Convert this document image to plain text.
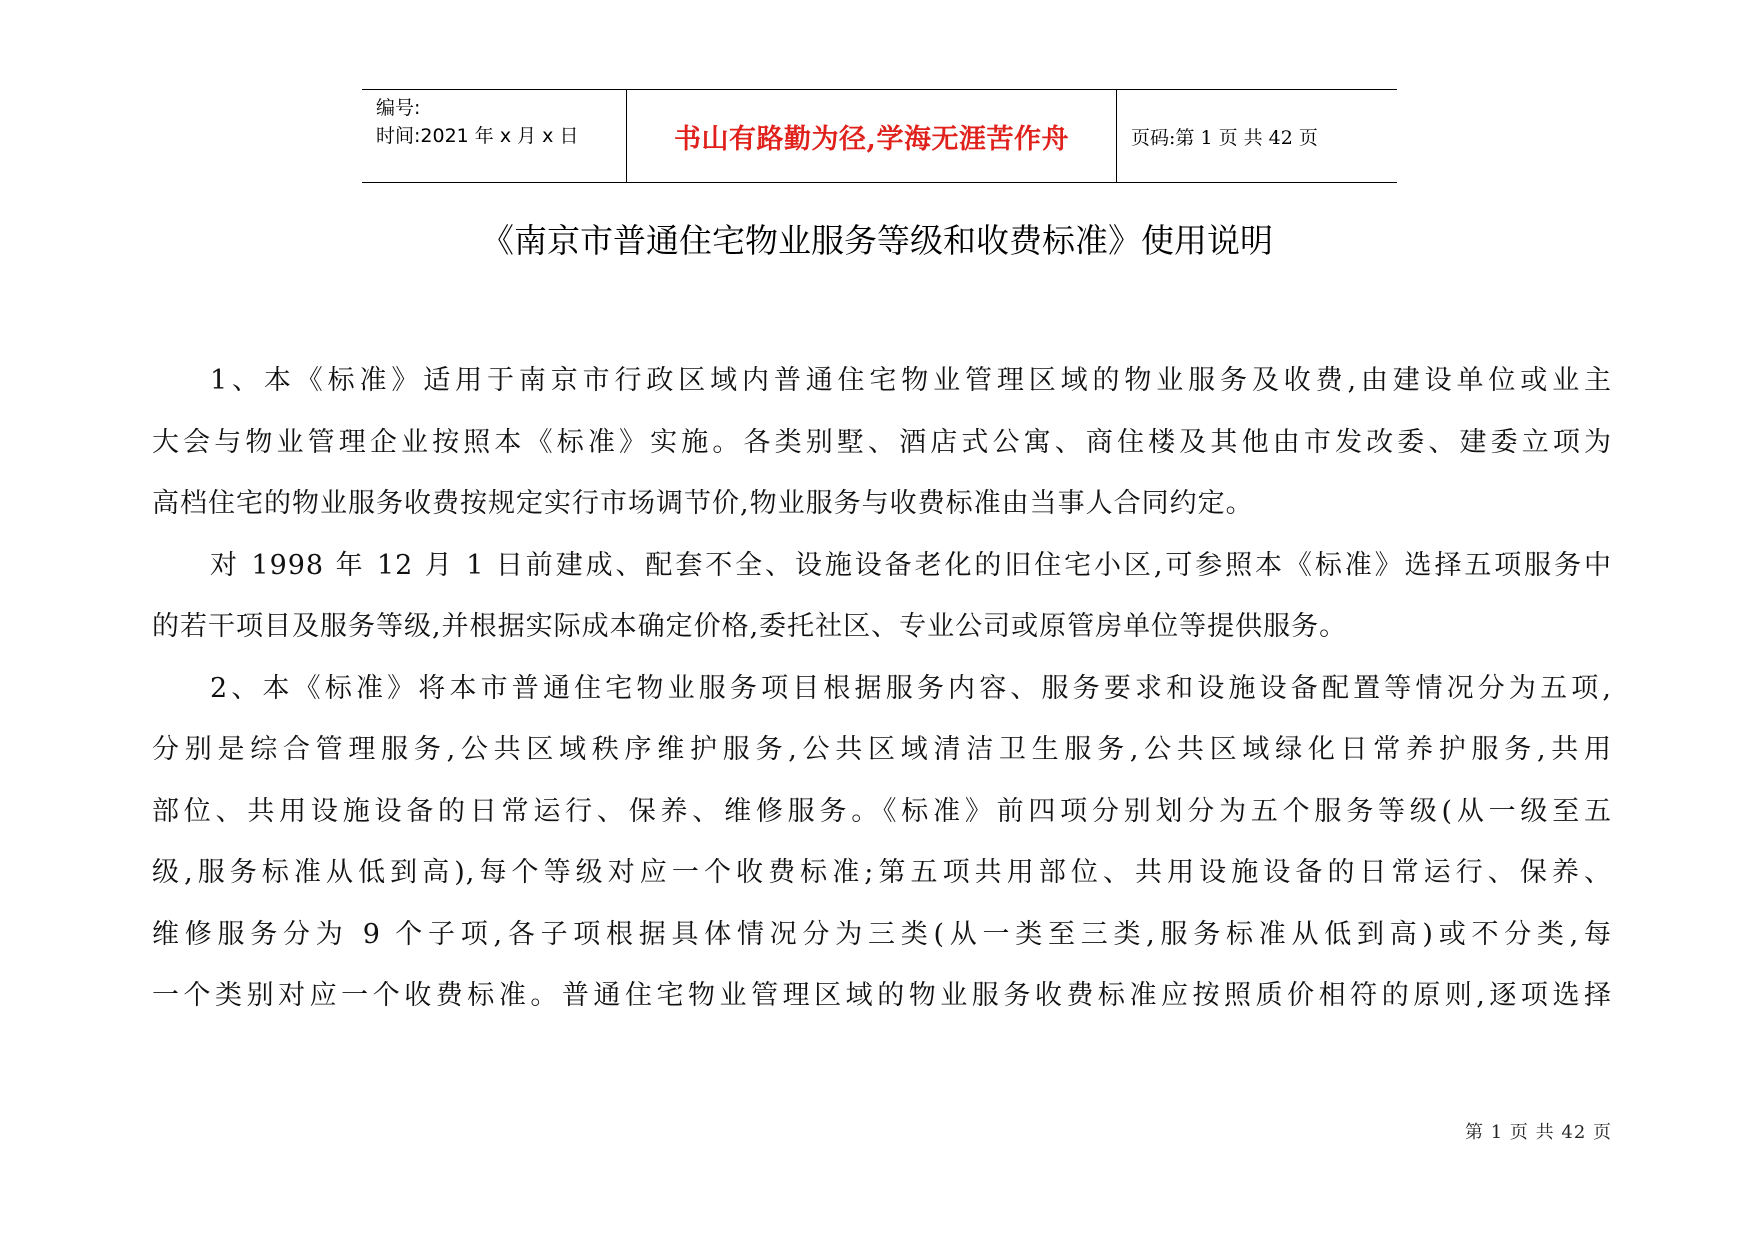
编号:
时间:2021 年 x 月 x 日	书山有路勤为径,学海无涯苦作舟	页码:第 1 页 共 42 页
《南京市普通住宅物业服务等级和收费标准》使用说明
1、本《标准》适用于南京市行政区域内普通住宅物业管理区域的物业服务及收费,由建设单位或业主
大会与物业管理企业按照本《标准》实施。各类别墅、酒店式公寓、商住楼及其他由市发改委、建委立项为
高档住宅的物业服务收费按规定实行市场调节价,物业服务与收费标准由当事人合同约定。
对 1998 年 12 月 1 日前建成、配套不全、设施设备老化的旧住宅小区,可参照本《标准》选择五项服务中
的若干项目及服务等级,并根据实际成本确定价格,委托社区、专业公司或原管房单位等提供服务。
2、本《标准》将本市普通住宅物业服务项目根据服务内容、服务要求和设施设备配置等情况分为五项,
分别是综合管理服务,公共区域秩序维护服务,公共区域清洁卫生服务,公共区域绿化日常养护服务,共用
部位、共用设施设备的日常运行、保养、维修服务。《标准》前四项分别划分为五个服务等级(从一级至五
级,服务标准从低到高),每个等级对应一个收费标准;第五项共用部位、共用设施设备的日常运行、保养、
维修服务分为 9 个子项,各子项根据具体情况分为三类(从一类至三类,服务标准从低到高)或不分类,每
一个类别对应一个收费标准。普通住宅物业管理区域的物业服务收费标准应按照质价相符的原则,逐项选择
第 1 页 共 42 页
